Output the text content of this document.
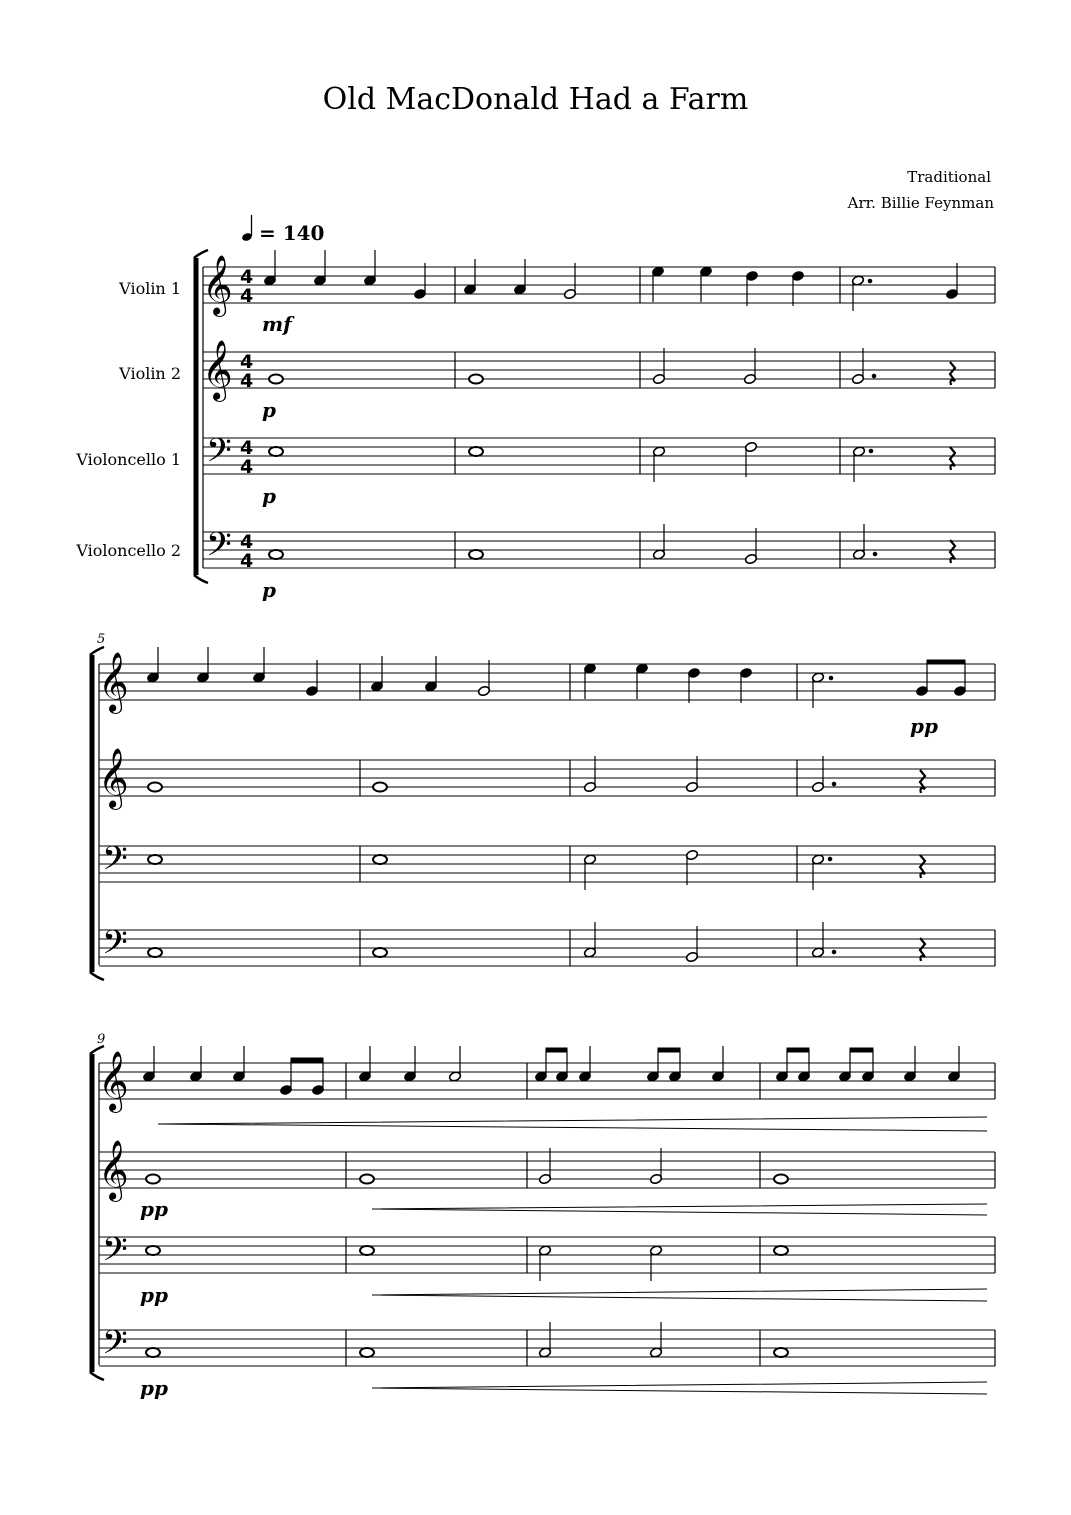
Old MacDonald Had a Farm
Traditional
Arr. Billie Feynman
= 140
Violin 1
Violin 2
Violoncello 1
Violoncello 2
5
9
𝄞
𝄞
𝄢
𝄢
4
4
4
4
4
4
4
4
mf
p
p
p
𝄞
𝄞
𝄢
𝄢
pp
𝄞
𝄞
𝄢
𝄢
pp
pp
pp
